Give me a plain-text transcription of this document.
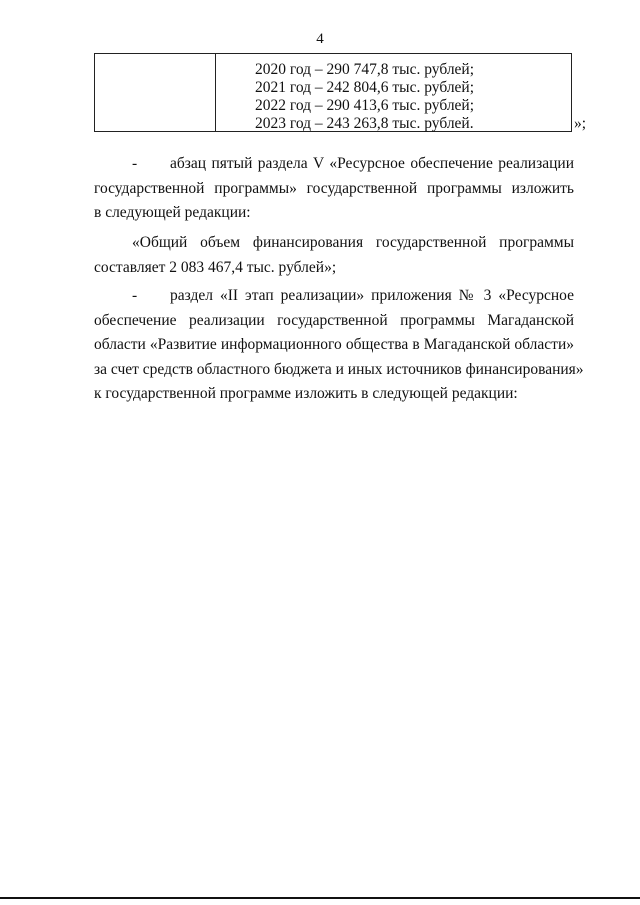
4
2020 год – 290 747,8 тыс. рублей;
2021 год – 242 804,6 тыс. рублей;
2022 год – 290 413,6 тыс. рублей;
2023 год – 243 263,8 тыс. рублей.	»;
- абзац пятый раздела V «Ресурсное обеспечение реализации
государственной программы» государственной программы изложить
в следующей редакции:
«Общий объем финансирования государственной программы
составляет 2 083 467,4 тыс. рублей»;
- раздел «II этап реализации» приложения № 3 «Ресурсное
обеспечение реализации государственной программы Магаданской
области «Развитие информационного общества в Магаданской области»
за счет средств областного бюджета и иных источников финансирования»
к государственной программе изложить в следующей редакции:
